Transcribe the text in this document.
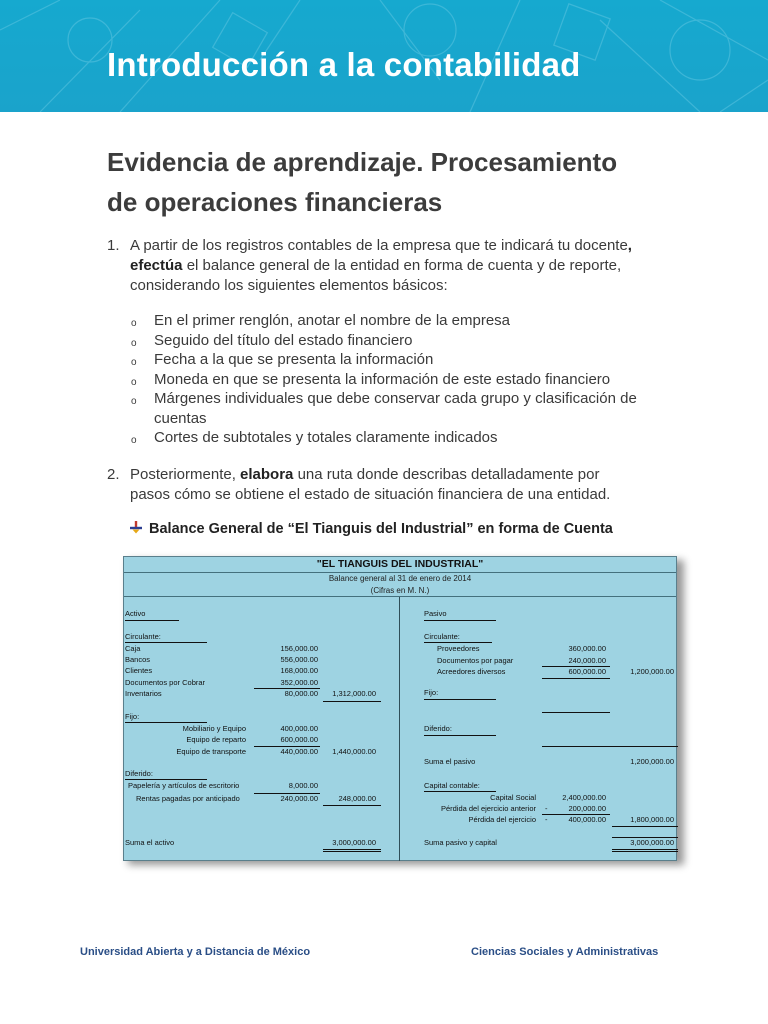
Introducción a la contabilidad
Evidencia de aprendizaje. Procesamiento
de operaciones financieras
1. A partir de los registros contables de la empresa que te indicará tu docente,
efectúa el balance general de la entidad en forma de cuenta y de reporte,
considerando los siguientes elementos básicos:
o En el primer renglón, anotar el nombre de la empresa
o Seguido del título del estado financiero
o Fecha a la que se presenta la información
o Moneda en que se presenta la información de este estado financiero
o Márgenes individuales que debe conservar cada grupo y clasificación de cuentas
o Cortes de subtotales y totales claramente indicados
2. Posteriormente, elabora una ruta donde describas detalladamente por
pasos cómo se obtiene el estado de situación financiera de una entidad.
Balance General de “El Tianguis del Industrial” en forma de Cuenta
"EL TIANGUIS DEL INDUSTRIAL"
Balance general al 31 de enero de 2014
(Cifras en M. N.)
Activo
Circulante:
Caja	156,000.00
Bancos	556,000.00
Clientes	168,000.00
Documentos por Cobrar	352,000.00
Inventarios	80,000.00	1,312,000.00
Fijo:
Mobiliario y Equipo	400,000.00
Equipo de reparto	600,000.00
Equipo de transporte	440,000.00	1,440,000.00
Diferido:
Papelería y artículos de escritorio	8,000.00
Rentas pagadas por anticipado	240,000.00	248,000.00
Suma el activo	3,000,000.00
Pasivo
Circulante:
Proveedores	360,000.00
Documentos por pagar	240,000.00
Acreedores diversos	600,000.00	1,200,000.00
Fijo:
Diferido:
Suma el pasivo	1,200,000.00
Capital contable:
Capital Social	2,400,000.00
Pérdida del ejercicio anterior -	200,000.00
Pérdida del ejercicio -	400,000.00	1,800,000.00
Suma pasivo y capital	3,000,000.00
Universidad Abierta y a Distancia de México	Ciencias Sociales y Administrativas
